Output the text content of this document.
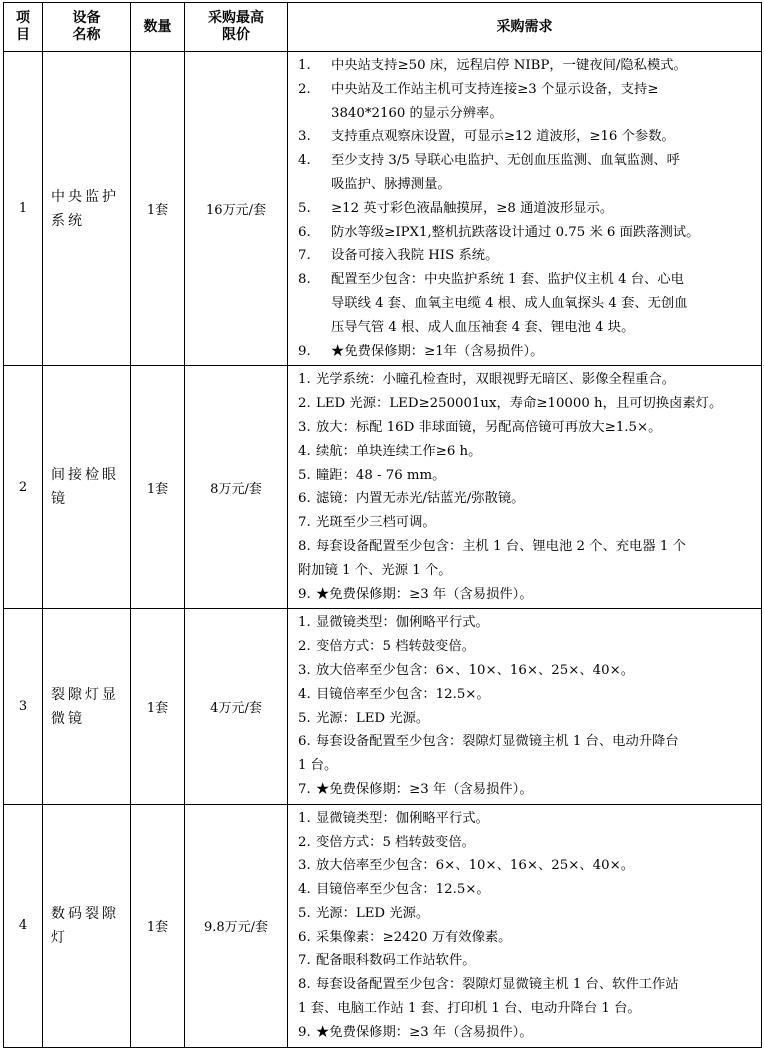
项目	设备名称	数量	采购最高限价	采购需求
1	中央监护系统	1套	16万元/套	
1. 中央站支持≥50 床，远程启停 NIBP，一键夜间/隐私模式。
2. 中央站及工作站主机可支持连接≥3 个显示设备，支持≥
3840*2160 的显示分辨率。
3. 支持重点观察床设置，可显示≥12 道波形，≥16 个参数。
4. 至少支持 3/5 导联心电监护、无创血压监测、血氧监测、呼
吸监护、脉搏测量。
5. ≥12 英寸彩色液晶触摸屏，≥8 通道波形显示。
6. 防水等级≥IPX1,整机抗跌落设计通过 0.75 米 6 面跌落测试。
7. 设备可接入我院 HIS 系统。
8. 配置至少包含：中央监护系统 1 套、监护仪主机 4 台、心电
导联线 4 套、血氧主电缆 4 根、成人血氧探头 4 套、无创血
压导气管 4 根、成人血压袖套 4 套、锂电池 4 块。
9. ★免费保修期：≥1年（含易损件）。

2	间接检眼镜	1套	8万元/套	
1. 光学系统：小瞳孔检查时，双眼视野无暗区、影像全程重合。
2. LED 光源：LED≥250001ux，寿命≥10000 h，且可切换卤素灯。
3. 放大：标配 16D 非球面镜，另配高倍镜可再放大≥1.5×。
4. 续航：单块连续工作≥6 h。
5. 瞳距：48 - 76 mm。
6. 滤镜：内置无赤光/钴蓝光/弥散镜。
7. 光斑至少三档可调。
8. 每套设备配置至少包含：主机 1 台、锂电池 2 个、充电器 1 个
附加镜 1 个、光源 1 个。
9. ★免费保修期：≥3 年（含易损件）。

3	裂隙灯显微镜	1套	4万元/套	
1. 显微镜类型：伽俐略平行式。
2. 变倍方式：5 档转鼓变倍。
3. 放大倍率至少包含：6×、10×、16×、25×、40×。
4. 目镜倍率至少包含：12.5×。
5. 光源：LED 光源。
6. 每套设备配置至少包含：裂隙灯显微镜主机 1 台、电动升降台
1 台。
7. ★免费保修期：≥3 年（含易损件）。

4	数码裂隙灯	1套	9.8万元/套	
1. 显微镜类型：伽俐略平行式。
2. 变倍方式：5 档转鼓变倍。
3. 放大倍率至少包含：6×、10×、16×、25×、40×。
4. 目镜倍率至少包含：12.5×。
5. 光源：LED 光源。
6. 采集像素：≥2420 万有效像素。
7. 配备眼科数码工作站软件。
8. 每套设备配置至少包含：裂隙灯显微镜主机 1 台、软件工作站
1 套、电脑工作站 1 套、打印机 1 台、电动升降台 1 台。
9. ★免费保修期：≥3 年（含易损件）。
